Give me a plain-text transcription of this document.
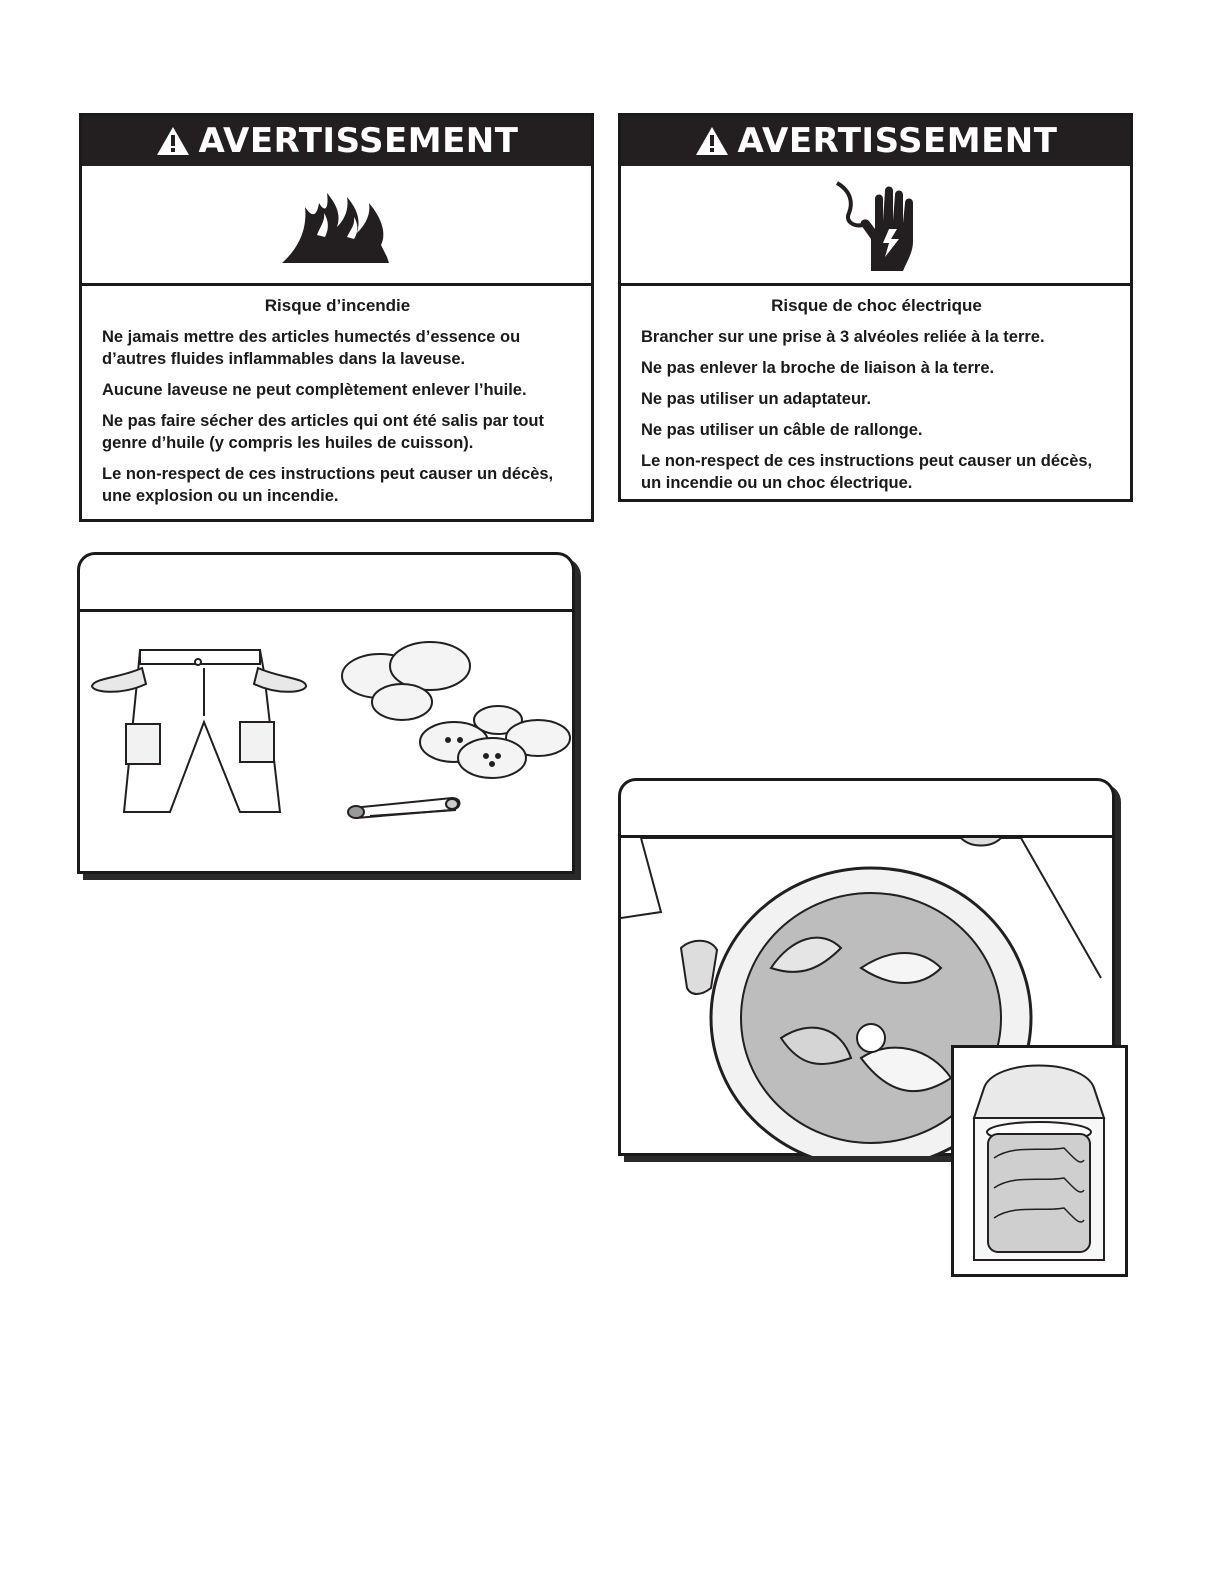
AVERTISSEMENT

Risque d’incendie

Ne jamais mettre des articles humectés d’essence ou d’autres fluides inflammables dans la laveuse.

Aucune laveuse ne peut complètement enlever l’huile.

Ne pas faire sécher des articles qui ont été salis par tout genre d’huile (y compris les huiles de cuisson).

Le non-respect de ces instructions peut causer un décès, une explosion ou un incendie.

AVERTISSEMENT

Risque de choc électrique

Brancher sur une prise à 3 alvéoles reliée à la terre.

Ne pas enlever la broche de liaison à la terre.

Ne pas utiliser un adaptateur.

Ne pas utiliser un câble de rallonge.

Le non-respect de ces instructions peut causer un décès, un incendie ou un choc électrique.
